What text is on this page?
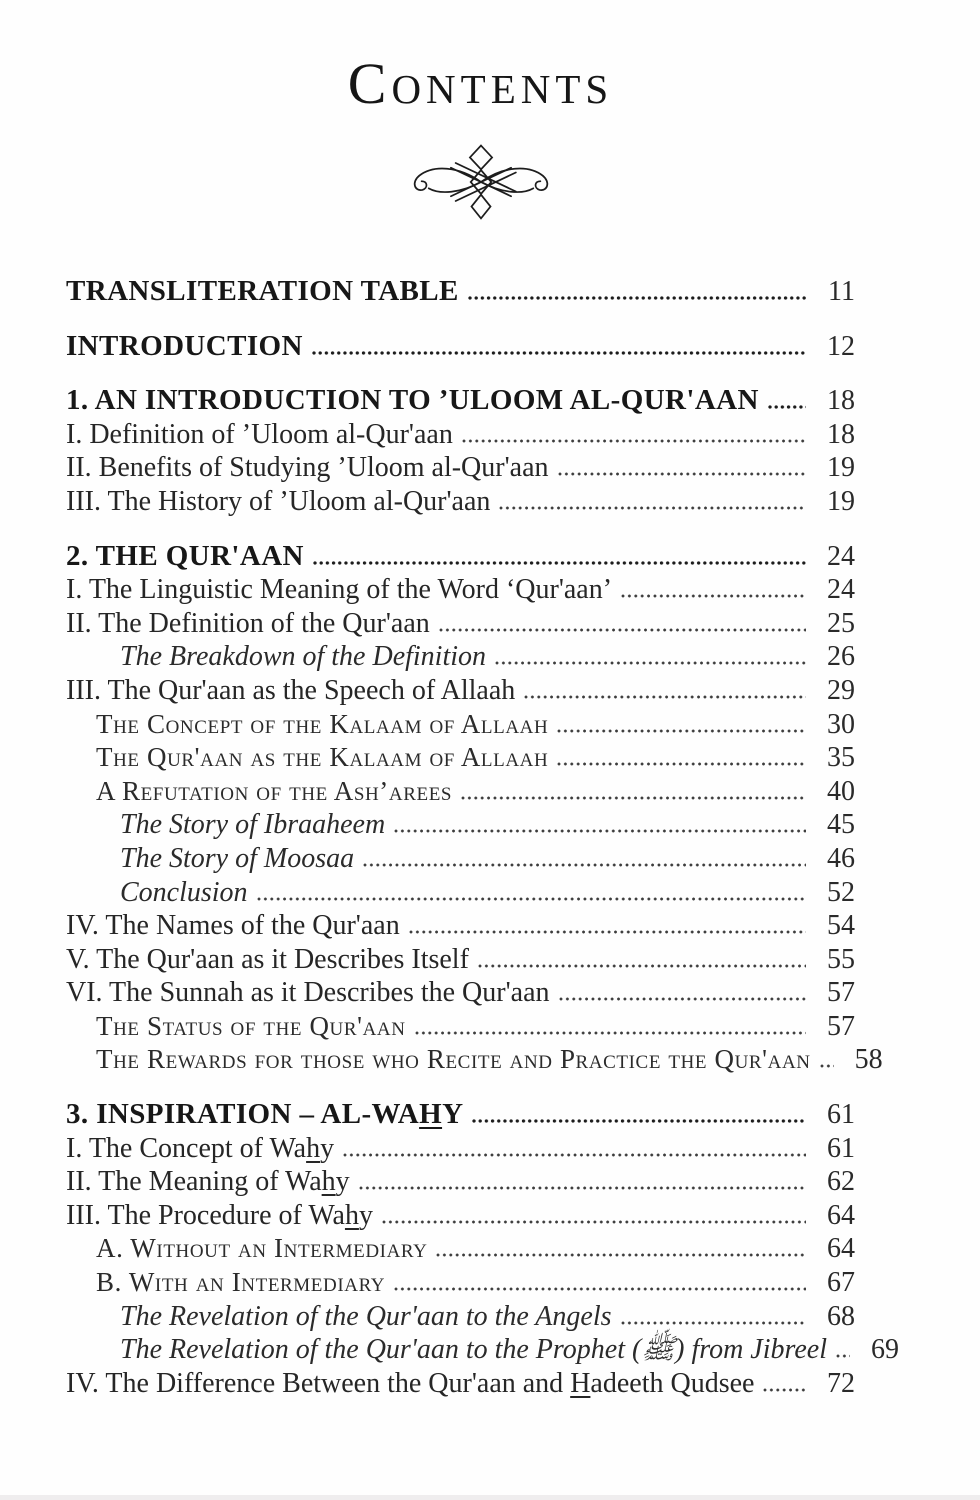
Contents
TRANSLITERATION TABLE	11
INTRODUCTION	12
1. AN INTRODUCTION TO ’ULOOM AL-QUR'AAN	18
I. Definition of ’Uloom al-Qur'aan	18
II. Benefits of Studying ’Uloom al-Qur'aan	19
III. The History of ’Uloom al-Qur'aan	19
2. THE QUR'AAN	24
I. The Linguistic Meaning of the Word ‘Qur'aan’	24
II. The Definition of the Qur'aan	25
The Breakdown of the Definition	26
III. The Qur'aan as the Speech of Allaah	29
The Concept of the Kalaam of Allaah	30
The Qur'aan as the Kalaam of Allaah	35
A Refutation of the Ash’arees	40
The Story of Ibraaheem	45
The Story of Moosaa	46
Conclusion	52
IV. The Names of the Qur'aan	54
V. The Qur'aan as it Describes Itself	55
VI. The Sunnah as it Describes the Qur'aan	57
The Status of the Qur'aan	57
The Rewards for those who Recite and Practice the Qur'aan	58
3. INSPIRATION – AL-WAHY	61
I. The Concept of Wahy	61
II. The Meaning of Wahy	62
III. The Procedure of Wahy	64
A. Without an Intermediary	64
B. With an Intermediary	67
The Revelation of the Qur'aan to the Angels	68
The Revelation of the Qur'aan to the Prophet (ﷺ) from Jibreel	69
IV. The Difference Between the Qur'aan and Hadeeth Qudsee	72
